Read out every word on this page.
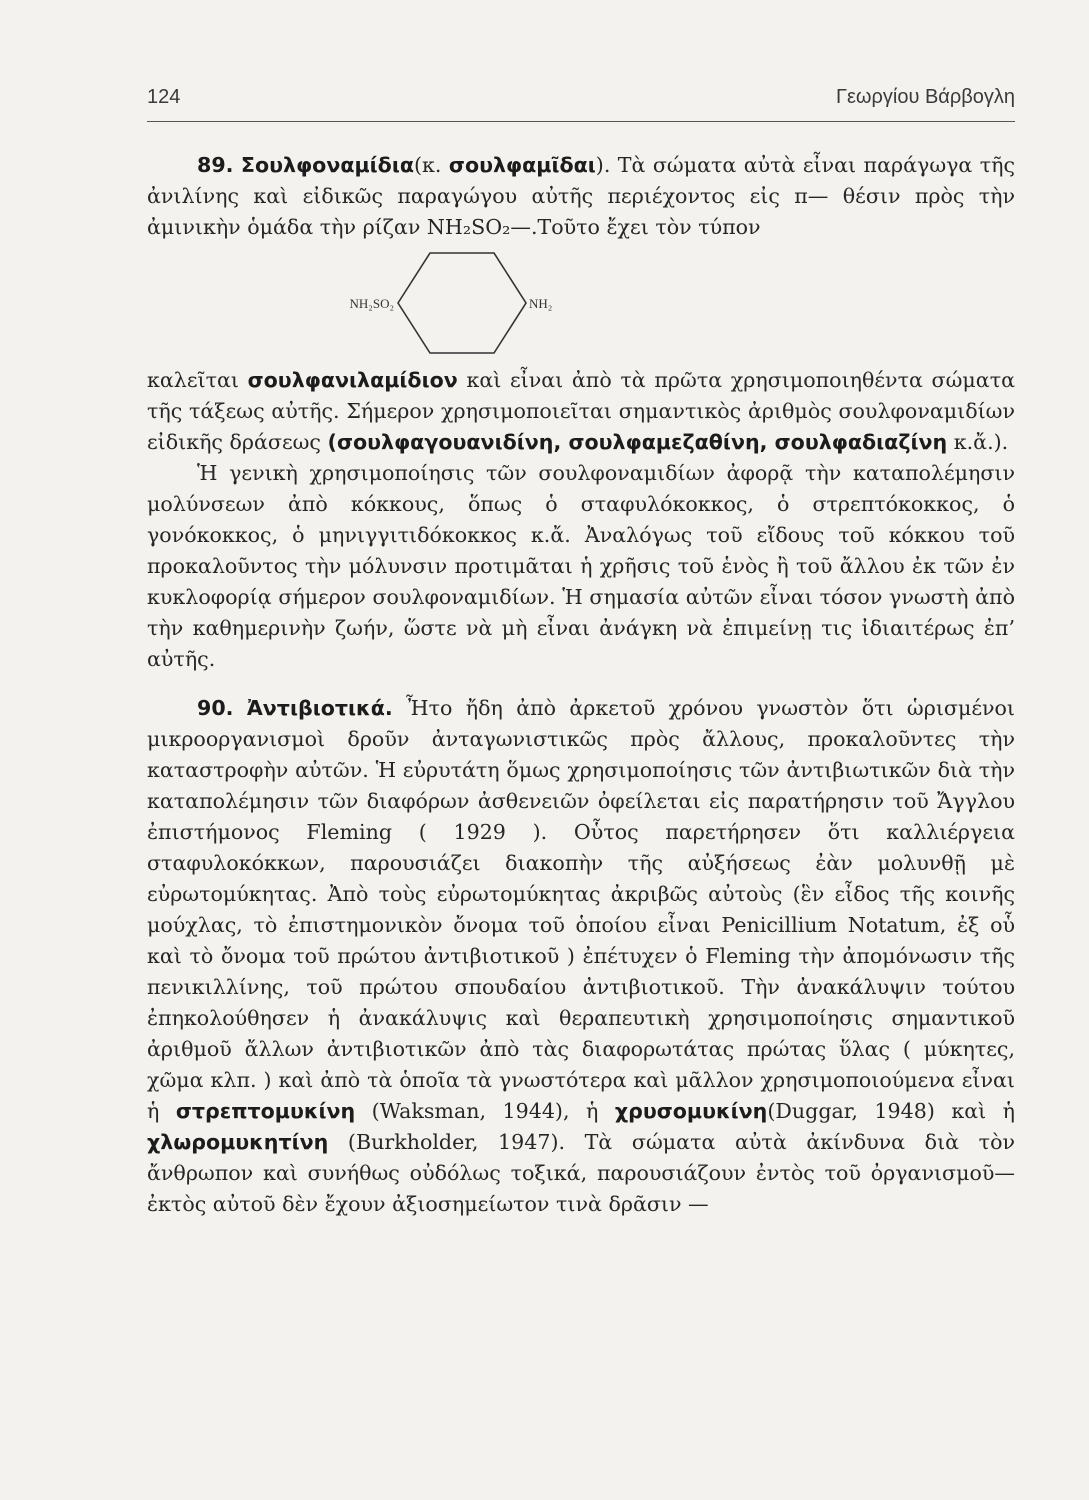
124	Γεωργίου Βάρβογλη

89. Σουλφοναμίδια(κ. σουλφαμῖδαι). Τὰ σώματα αὐτὰ εἶναι παράγωγα τῆς ἀνιλίνης καὶ εἰδικῶς παραγώγου αὐτῆς περιέχοντος εἰς π— θέσιν πρὸς τὴν ἀμινικὴν ὁμάδα τὴν ρίζαν NH₂SO₂—.Τοῦτο ἔχει τὸν τύπον

NH₂SO₂	NH₂

καλεῖται σουλφανιλαμίδιον καὶ εἶναι ἀπὸ τὰ πρῶτα χρησιμοποιηθέντα σώματα τῆς τάξεως αὐτῆς. Σήμερον χρησιμοποιεῖται σημαντικὸς ἀριθμὸς σουλφοναμιδίων εἰδικῆς δράσεως (σουλφαγουανιδίνη, σουλφαμεζαθίνη, σουλφαδιαζίνη κ.ἄ.).

Ἡ γενικὴ χρησιμοποίησις τῶν σουλφοναμιδίων ἀφορᾷ τὴν καταπολέμησιν μολύνσεων ἀπὸ κόκκους, ὅπως ὁ σταφυλόκοκκος, ὁ στρεπτόκοκκος, ὁ γονόκοκκος, ὁ μηνιγγιτιδόκοκκος κ.ἄ. Ἀναλόγως τοῦ εἴδους τοῦ κόκκου τοῦ προκαλοῦντος τὴν μόλυνσιν προτιμᾶται ἡ χρῆσις τοῦ ἑνὸς ἢ τοῦ ἄλλου ἐκ τῶν ἐν κυκλοφορίᾳ σήμερον σουλφοναμιδίων. Ἡ σημασία αὐτῶν εἶναι τόσον γνωστὴ ἀπὸ τὴν καθημερινὴν ζωήν, ὥστε νὰ μὴ εἶναι ἀνάγκη νὰ ἐπιμείνῃ τις ἰδιαιτέρως ἐπ’ αὐτῆς.

90. Ἀντιβιοτικά. Ἦτο ἤδη ἀπὸ ἀρκετοῦ χρόνου γνωστὸν ὅτι ὡρισμένοι μικροοργανισμοὶ δροῦν ἀνταγωνιστικῶς πρὸς ἄλλους, προκαλοῦντες τὴν καταστροφὴν αὐτῶν. Ἡ εὐρυτάτη ὅμως χρησιμοποίησις τῶν ἀντιβιωτικῶν διὰ τὴν καταπολέμησιν τῶν διαφόρων ἀσθενειῶν ὀφείλεται εἰς παρατήρησιν τοῦ Ἄγγλου ἐπιστήμονος Fleming ( 1929 ). Οὗτος παρετήρησεν ὅτι καλλιέργεια σταφυλοκόκκων, παρουσιάζει διακοπὴν τῆς αὐξήσεως ἐὰν μολυνθῇ μὲ εὐρωτομύκητας. Ἀπὸ τοὺς εὐρωτομύκητας ἀκριβῶς αὐτοὺς (ἓν εἶδος τῆς κοινῆς μούχλας, τὸ ἐπιστημονικὸν ὄνομα τοῦ ὁποίου εἶναι Penicillium Notatum, ἐξ οὗ καὶ τὸ ὄνομα τοῦ πρώτου ἀντιβιοτικοῦ ) ἐπέτυχεν ὁ Fleming τὴν ἀπομόνωσιν τῆς πενικιλλίνης, τοῦ πρώτου σπουδαίου ἀντιβιοτικοῦ. Τὴν ἀνακάλυψιν τούτου ἐπηκολούθησεν ἡ ἀνακάλυψις καὶ θεραπευτικὴ χρησιμοποίησις σημαντικοῦ ἀριθμοῦ ἄλλων ἀντιβιοτικῶν ἀπὸ τὰς διαφορωτάτας πρώτας ὕλας ( μύκητες, χῶμα κλπ. ) καὶ ἀπὸ τὰ ὁποῖα τὰ γνωστότερα καὶ μᾶλλον χρησιμοποιούμενα εἶναι ἡ στρεπτομυκίνη (Waksman, 1944), ἡ χρυσομυκίνη(Duggar, 1948) καὶ ἡ χλωρομυκητίνη (Burkholder, 1947). Τὰ σώματα αὐτὰ ἀκίνδυνα διὰ τὸν ἄνθρωπον καὶ συνήθως οὐδόλως τοξικά, παρουσιάζουν ἐντὸς τοῦ ὀργανισμοῦ—ἐκτὸς αὐτοῦ δὲν ἔχουν ἀξιοσημείωτον τινὰ δρᾶσιν —
